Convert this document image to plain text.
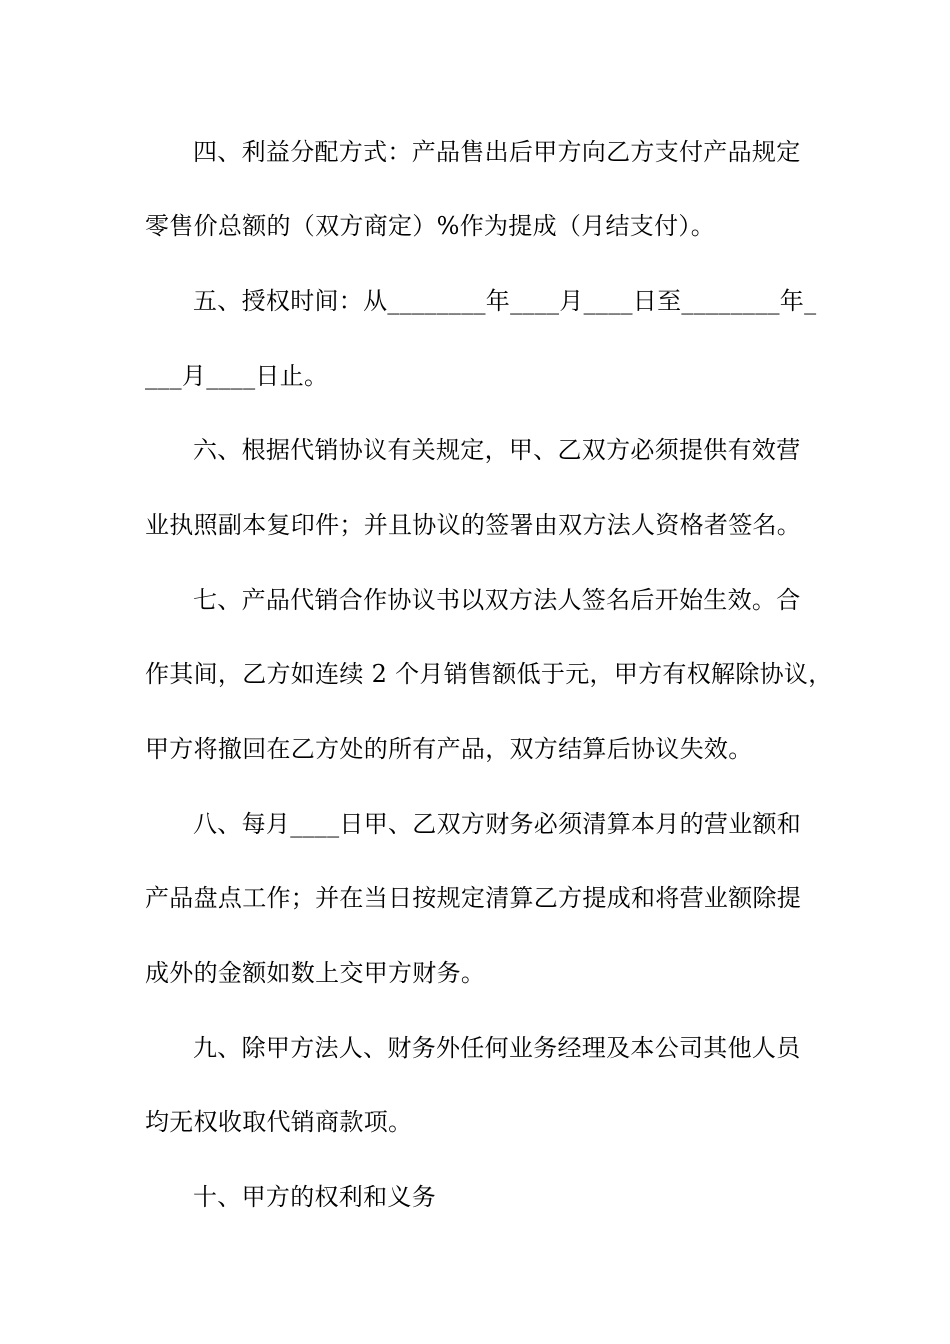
四、利益分配方式：产品售出后甲方向乙方支付产品规定
零售价总额的（双方商定）%作为提成（月结支付）。
五、授权时间：从________年____月____日至________年_
___月____日止。
六、根据代销协议有关规定，甲、乙双方必须提供有效营
业执照副本复印件；并且协议的签署由双方法人资格者签名。
七、产品代销合作协议书以双方法人签名后开始生效。合
作其间，乙方如连续 2 个月销售额低于元，甲方有权解除协议，
甲方将撤回在乙方处的所有产品，双方结算后协议失效。
八、每月____日甲、乙双方财务必须清算本月的营业额和
产品盘点工作；并在当日按规定清算乙方提成和将营业额除提
成外的金额如数上交甲方财务。
九、除甲方法人、财务外任何业务经理及本公司其他人员
均无权收取代销商款项。
十、甲方的权利和义务
